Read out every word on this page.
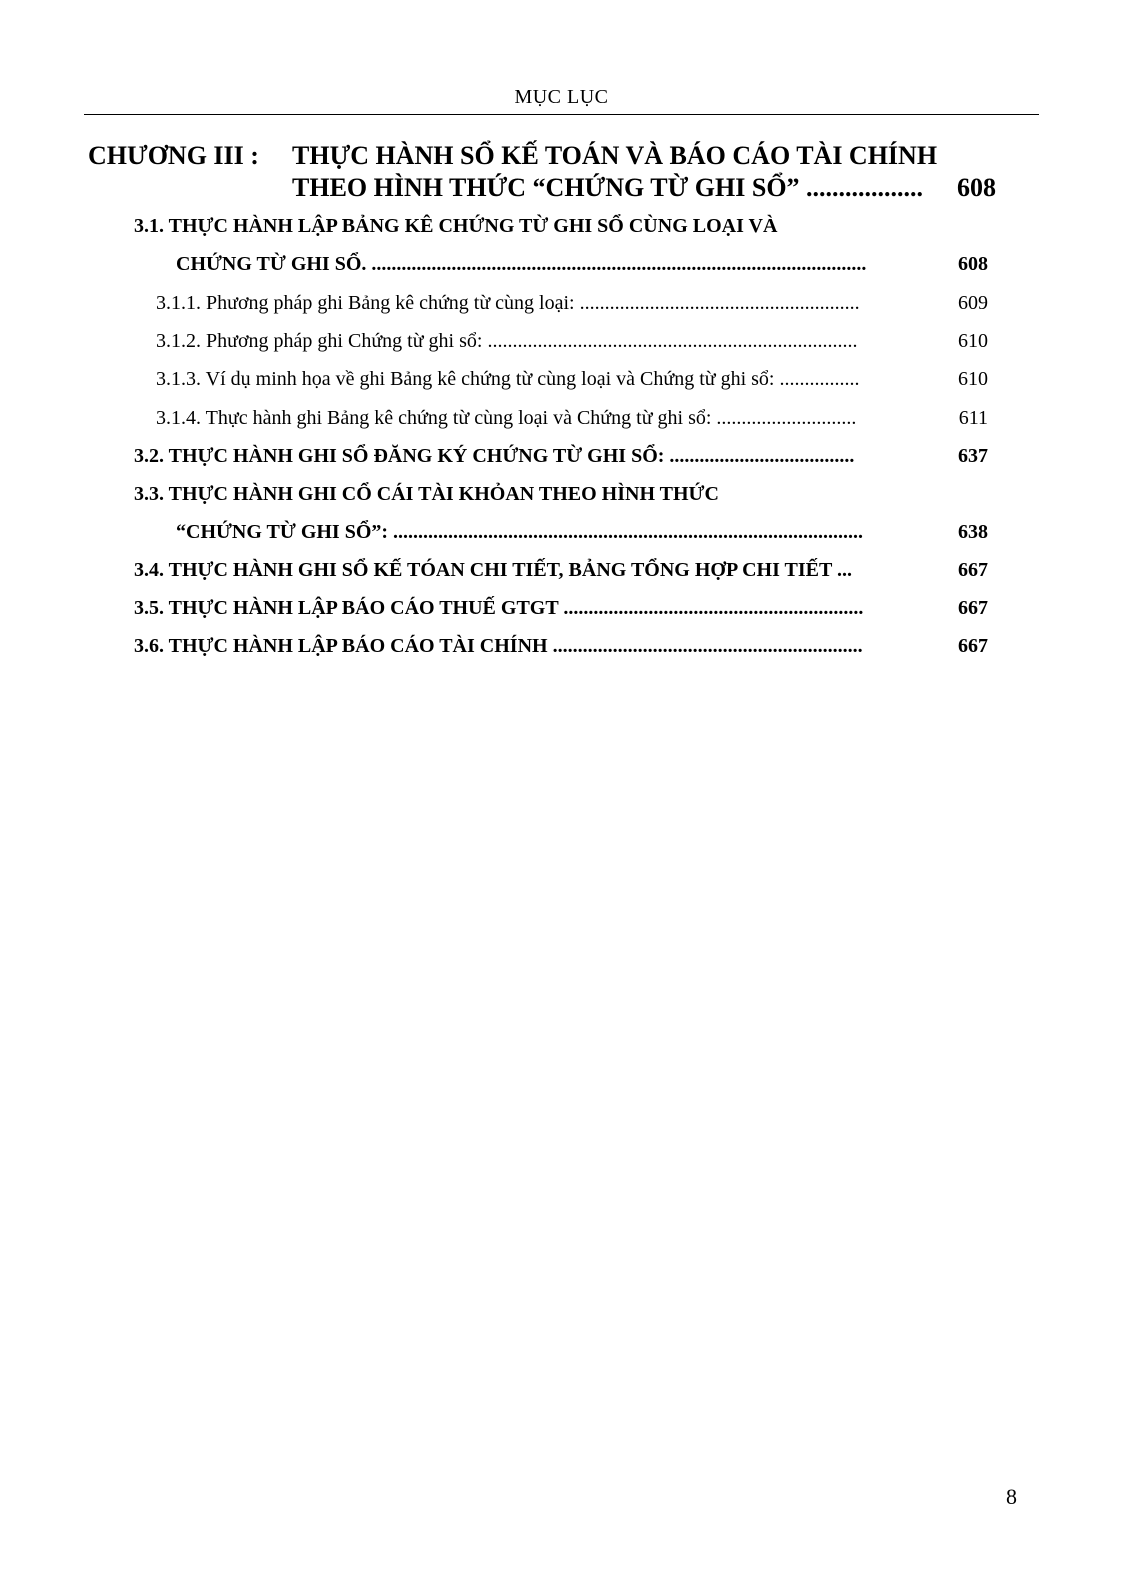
MỤC LỤC
CHƯƠNG III : THỰC HÀNH SỔ KẾ TOÁN VÀ BÁO CÁO TÀI CHÍNH
THEO HÌNH THỨC “CHỨNG TỪ GHI SỔ” .................. 608
3.1. THỰC HÀNH LẬP BẢNG KÊ CHỨNG TỪ GHI SỔ CÙNG LOẠI VÀ
CHỨNG TỪ GHI SỔ. ...................................................................................................	608
3.1.1. Phương pháp ghi Bảng kê chứng từ cùng loại: ........................................................	609
3.1.2. Phương pháp ghi Chứng từ ghi sổ: ..........................................................................	610
3.1.3. Ví dụ minh họa về ghi Bảng kê chứng từ cùng loại và Chứng từ ghi sổ: ................	610
3.1.4. Thực hành ghi Bảng kê chứng từ cùng loại và Chứng từ ghi sổ: ............................	611
3.2. THỰC HÀNH GHI SỔ ĐĂNG KÝ CHỨNG TỪ GHI SỔ: .....................................	637
3.3. THỰC HÀNH GHI CỔ CÁI TÀI KHỎAN THEO HÌNH THỨC
“CHỨNG TỪ GHI SỔ”: ..............................................................................................	638
3.4. THỰC HÀNH GHI SỔ KẾ TÓAN CHI TIẾT, BẢNG TỔNG HỢP CHI TIẾT ...	667
3.5. THỰC HÀNH LẬP BÁO CÁO THUẾ GTGT ............................................................	667
3.6. THỰC HÀNH LẬP BÁO CÁO TÀI CHÍNH ..............................................................	667
8
